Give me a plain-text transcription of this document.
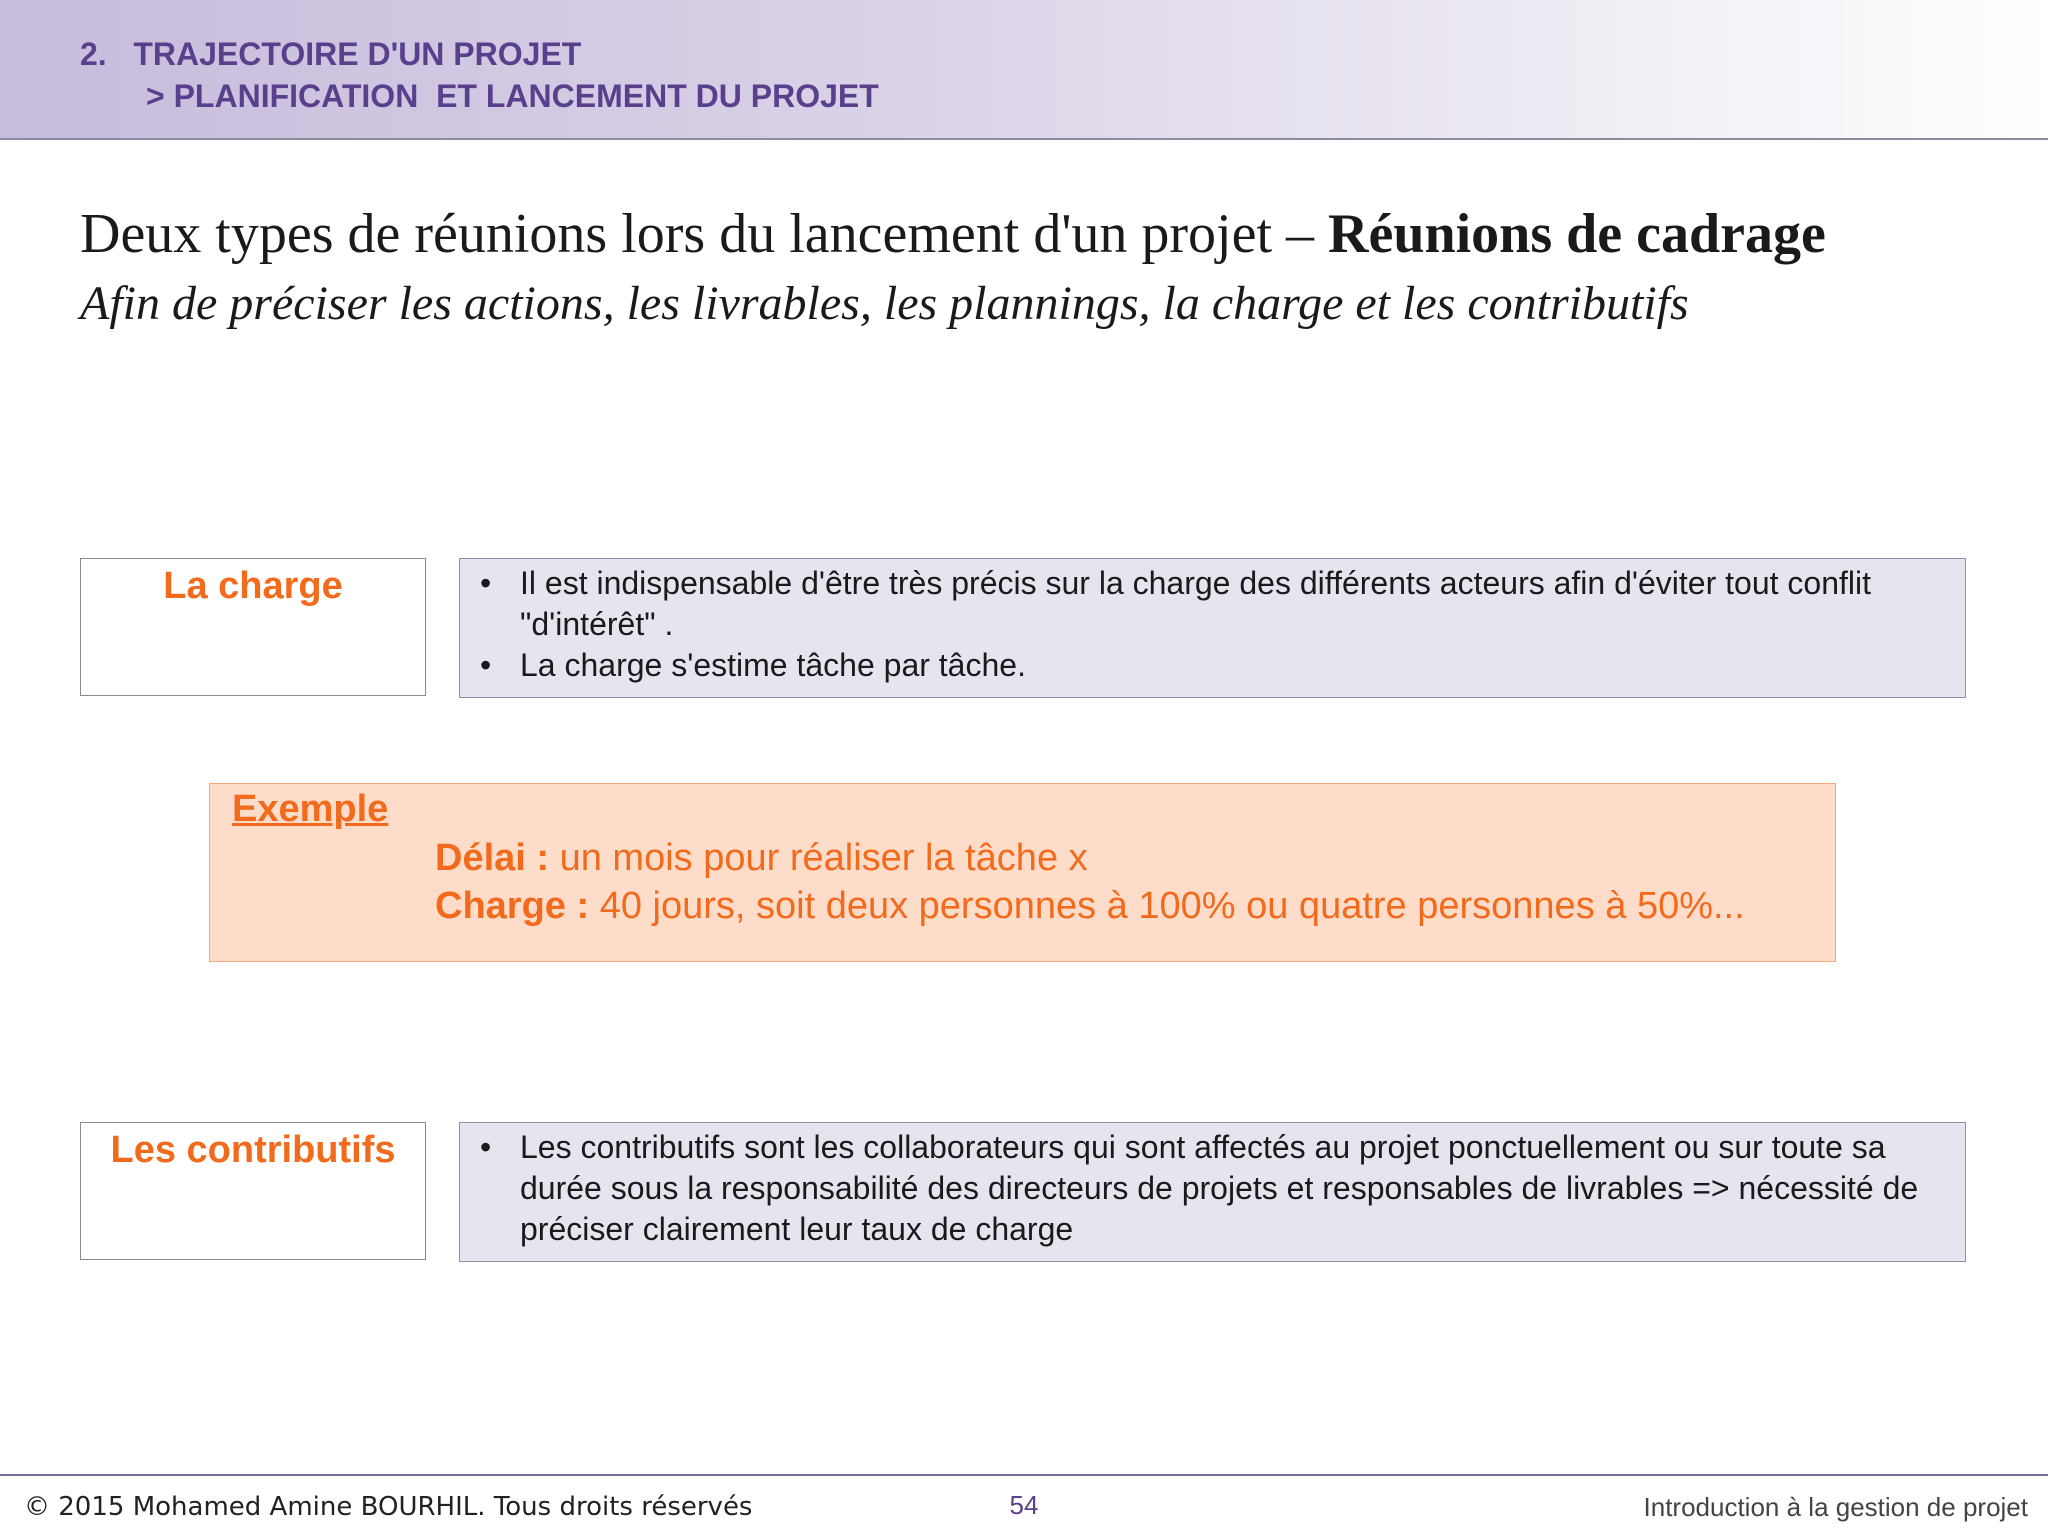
2.   TRAJECTOIRE D'UN PROJET
> PLANIFICATION  ET LANCEMENT DU PROJET
Deux types de réunions lors du lancement d'un projet – Réunions de cadrage
Afin de préciser les actions, les livrables, les plannings, la charge et les contributifs
La charge	• Il est indispensable d'être très précis sur la charge des différents acteurs afin d'éviter tout conflit "d'intérêt" .
• La charge s'estime tâche par tâche.
Exemple
Délai : un mois pour réaliser la tâche x
Charge : 40 jours, soit deux personnes à 100% ou quatre personnes à 50%...
Les contributifs	• Les contributifs sont les collaborateurs qui sont affectés au projet ponctuellement ou sur toute sa durée sous la responsabilité des directeurs de projets et responsables de livrables => nécessité de préciser clairement leur taux de charge
© 2015 Mohamed Amine BOURHIL. Tous droits réservés	54	Introduction à la gestion de projet
